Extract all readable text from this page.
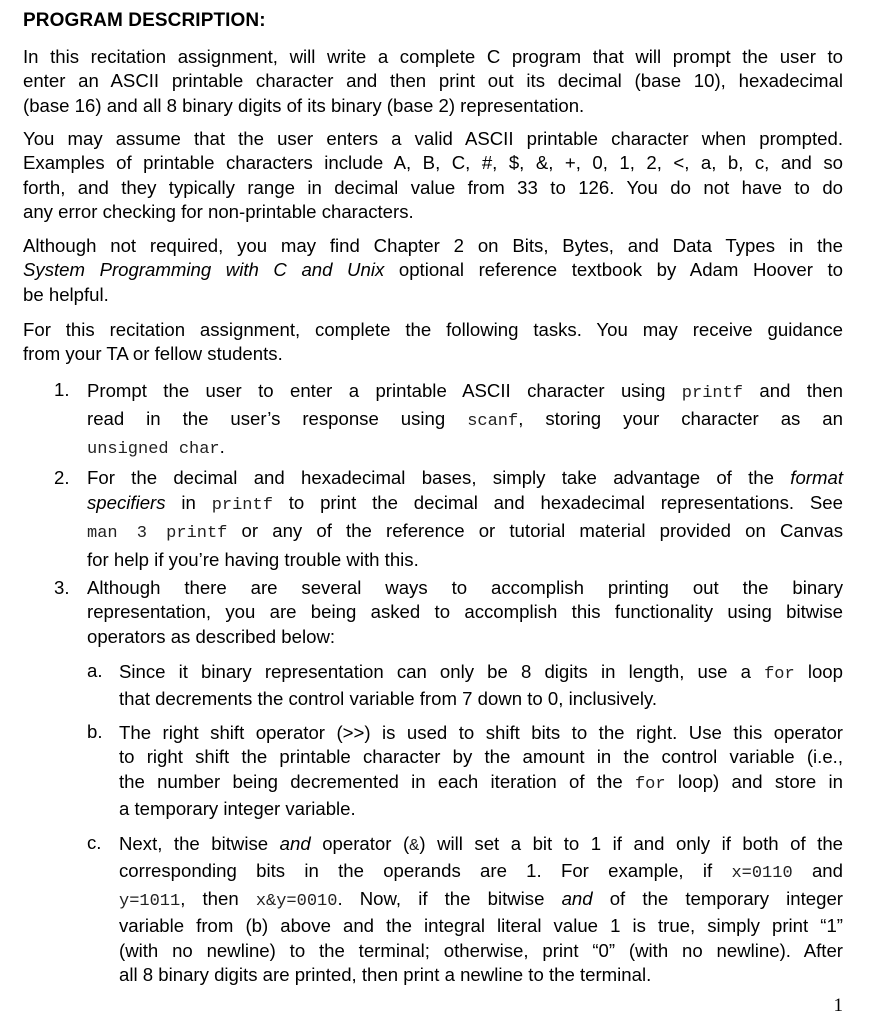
PROGRAM DESCRIPTION:
In this recitation assignment, will write a complete C program that will prompt the user to
enter an ASCII printable character and then print out its decimal (base 10), hexadecimal
(base 16) and all 8 binary digits of its binary (base 2) representation.
You may assume that the user enters a valid ASCII printable character when prompted.
Examples of printable characters include A, B, C, #, $, &, +, 0, 1, 2, <, a, b, c, and so
forth, and they typically range in decimal value from 33 to 126. You do not have to do
any error checking for non-printable characters.
Although not required, you may find Chapter 2 on Bits, Bytes, and Data Types in the
System Programming with C and Unix optional reference textbook by Adam Hoover to
be helpful.
For this recitation assignment, complete the following tasks. You may receive guidance
from your TA or fellow students.
1. Prompt the user to enter a printable ASCII character using printf and then
read in the user’s response using scanf, storing your character as an
unsigned char.
2. For the decimal and hexadecimal bases, simply take advantage of the format
specifiers in printf to print the decimal and hexadecimal representations. See
man 3 printf or any of the reference or tutorial material provided on Canvas
for help if you’re having trouble with this.
3. Although there are several ways to accomplish printing out the binary
representation, you are being asked to accomplish this functionality using bitwise
operators as described below:
a. Since it binary representation can only be 8 digits in length, use a for loop
that decrements the control variable from 7 down to 0, inclusively.
b. The right shift operator (>>) is used to shift bits to the right. Use this operator
to right shift the printable character by the amount in the control variable (i.e.,
the number being decremented in each iteration of the for loop) and store in
a temporary integer variable.
c. Next, the bitwise and operator (&) will set a bit to 1 if and only if both of the
corresponding bits in the operands are 1. For example, if x=0110 and
y=1011, then x&y=0010. Now, if the bitwise and of the temporary integer
variable from (b) above and the integral literal value 1 is true, simply print “1”
(with no newline) to the terminal; otherwise, print “0” (with no newline). After
all 8 binary digits are printed, then print a newline to the terminal.
1
